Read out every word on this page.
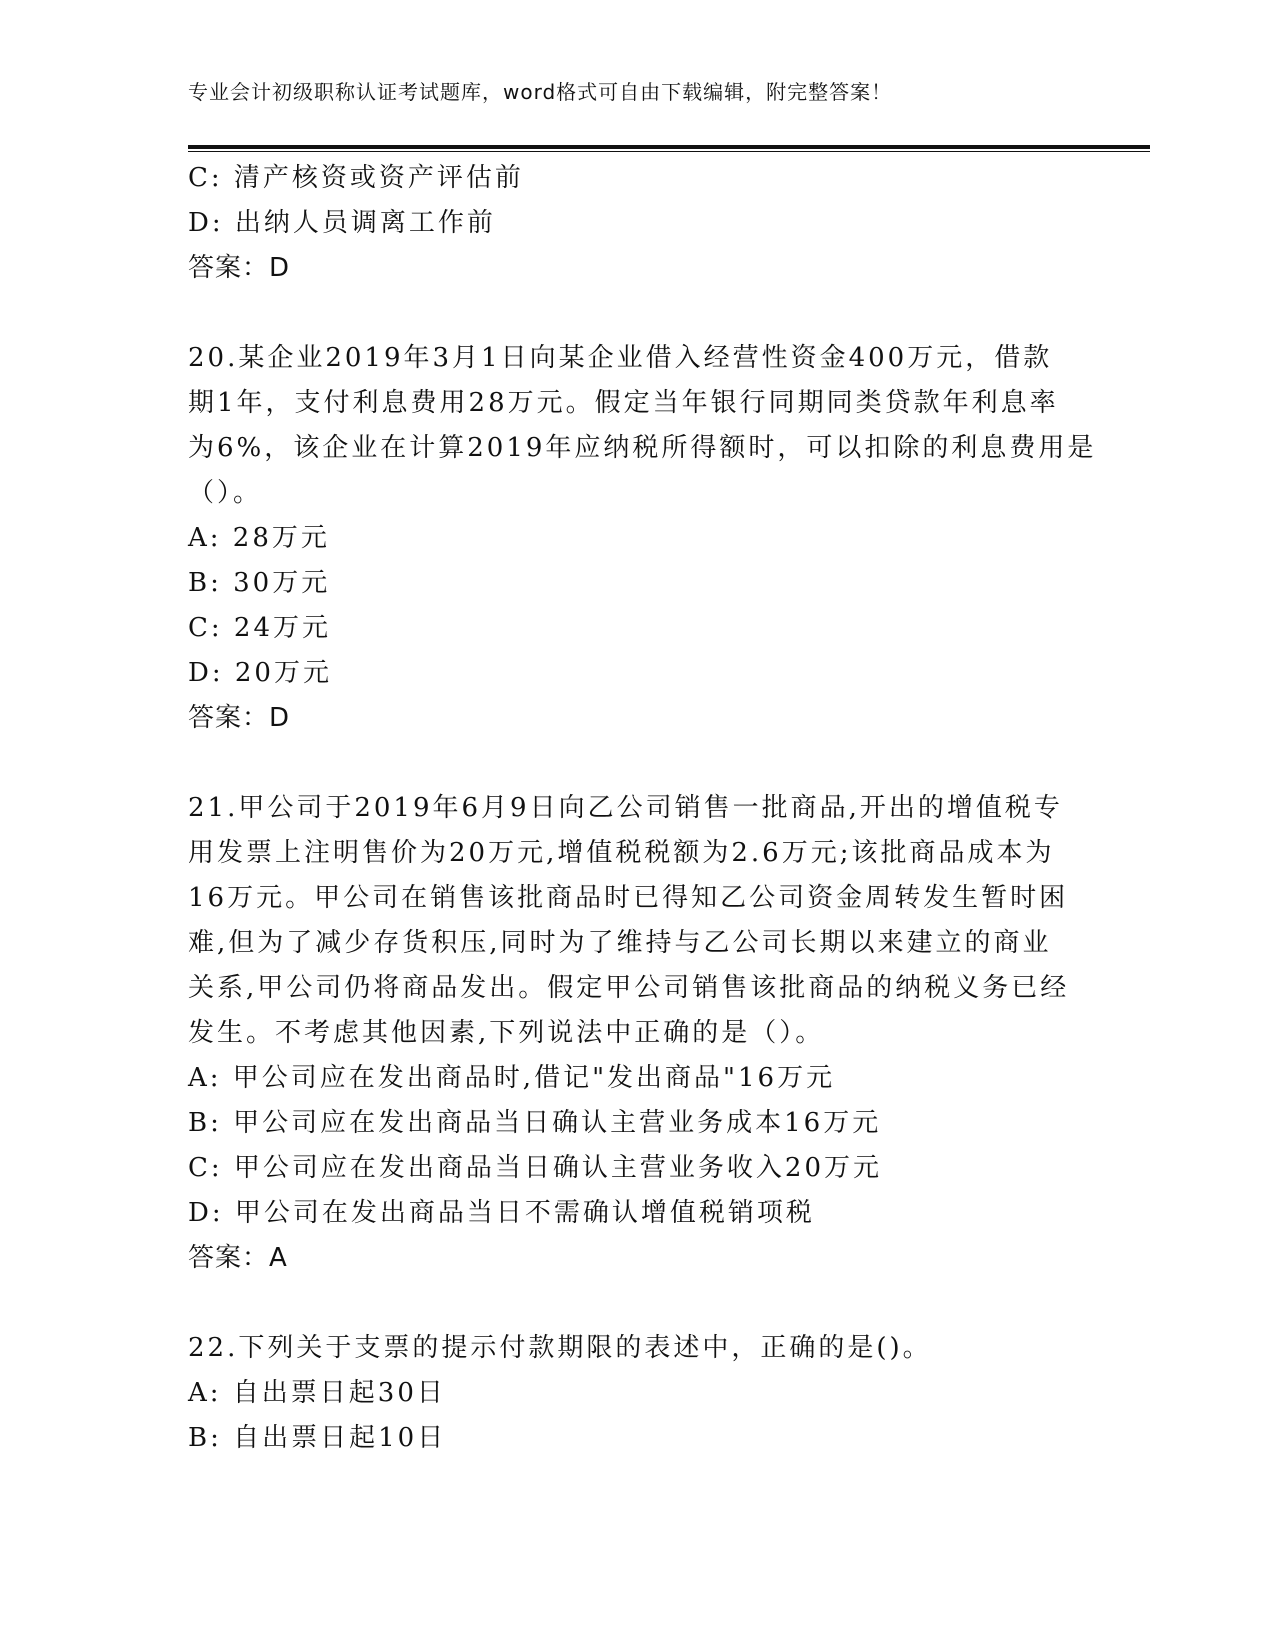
专业会计初级职称认证考试题库，word格式可自由下载编辑，附完整答案！
C: 清产核资或资产评估前
D: 出纳人员调离工作前
答案：D
20.某企业2019年3月1日向某企业借入经营性资金400万元，借款
期1年，支付利息费用28万元。假定当年银行同期同类贷款年利息率
为6%，该企业在计算2019年应纳税所得额时，可以扣除的利息费用是
（）。
A: 28万元
B: 30万元
C: 24万元
D: 20万元
答案：D
21.甲公司于2019年6月9日向乙公司销售一批商品,开出的增值税专
用发票上注明售价为20万元,增值税税额为2.6万元;该批商品成本为
16万元。甲公司在销售该批商品时已得知乙公司资金周转发生暂时困
难,但为了减少存货积压,同时为了维持与乙公司长期以来建立的商业
关系,甲公司仍将商品发出。假定甲公司销售该批商品的纳税义务已经
发生。不考虑其他因素,下列说法中正确的是（）。
A: 甲公司应在发出商品时,借记"发出商品"16万元
B: 甲公司应在发出商品当日确认主营业务成本16万元
C: 甲公司应在发出商品当日确认主营业务收入20万元
D: 甲公司在发出商品当日不需确认增值税销项税
答案：A
22.下列关于支票的提示付款期限的表述中，正确的是()。
A: 自出票日起30日
B: 自出票日起10日
